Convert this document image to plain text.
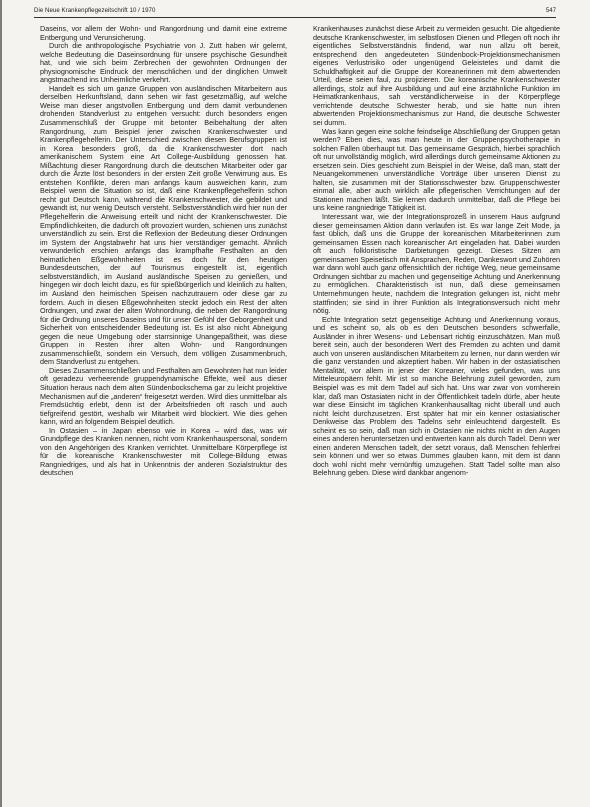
Die Neue Krankenpflegezeitschrift 10 / 1970	547

Daseins, vor allem der Wohn- und Rangordnung und damit eine extreme Entbergung und Verunsicherung.

Durch die anthropologische Psychiatrie von J. Zutt haben wir gelernt, welche Bedeutung die Daseinsordnung für unsere psychische Gesundheit hat, und wie sich beim Zerbrechen der gewohnten Ordnungen der physiognomische Eindruck der menschlichen und der dinglichen Umwelt angstmachend ins Unheimliche verkehrt.

Handelt es sich um ganze Gruppen von ausländischen Mitarbeitern aus derselben Herkunftsland, dann sehen wir fast gesetzmäßig, auf welche Weise man dieser angstvollen Entbergung und dem damit verbundenen drohenden Standverlust zu entgehen versucht: durch besonders engen Zusammenschluß der Gruppe mit betonter Beibehaltung der alten Rangordnung, zum Beispiel jener zwischen Krankenschwester und Krankenpflegehelferin. Der Unterschied zwischen diesen Berufsgruppen ist in Korea besonders groß, da die Krankenschwester dort nach amerikanischem System eine Art College-Ausbildung genossen hat. Mißachtung dieser Rangordnung durch die deutschen Mitarbeiter oder gar durch die Ärzte löst besonders in der ersten Zeit große Verwirrung aus. Es entstehen Konflikte, deren man anfangs kaum ausweichen kann, zum Beispiel wenn die Situation so ist, daß eine Krankenpflegehelferin schon recht gut Deutsch kann, während die Krankenschwester, die gebildet und gewandt ist, nur wenig Deutsch versteht. Selbstverständlich wird hier nun der Pflegehelferin die Anweisung erteilt und nicht der Krankenschwester. Die Empfindlichkeiten, die dadurch oft provoziert wurden, schienen uns zunächst unverständlich zu sein. Erst die Reflexion der Bedeutung dieser Ordnungen im System der Angstabwehr hat uns hier verständiger gemacht. Ähnlich verwunderlich erschien anfangs das krampfhafte Festhalten an den heimatlichen Eßgewohnheiten ist es doch für den heutigen Bundesdeutschen, der auf Tourismus eingestellt ist, eigentlich selbstverständlich, im Ausland ausländische Speisen zu genießen, und hingegen wir doch leicht dazu, es für spießbürgerlich und kleinlich zu halten, im Ausland den heimischen Speisen nachzutrauern oder diese gar zu fordern. Auch in diesen Eßgewohnheiten steckt jedoch ein Rest der alten Ordnungen, und zwar der alten Wohnordnung, die neben der Rangordnung für die Ordnung unseres Daseins und für unser Gefühl der Geborgenheit und Sicherheit von entscheidender Bedeutung ist. Es ist also nicht Abneigung gegen die neue Umgebung oder starrsinnige Unangepaßtheit, was diese Gruppen in Resten ihrer alten Wohn- und Rangordnungen zusammenschließt, sondern ein Versuch, dem völligen Zusammenbruch, dem Standverlust zu entgehen.

Dieses Zusammenschließen und Festhalten am Gewohnten hat nun leider oft geradezu verheerende gruppendynamische Effekte, weil aus dieser Situation heraus nach dem alten Sündenbockschema gar zu leicht projektive Mechanismen auf die „anderen“ freigesetzt werden. Wird dies unmittelbar als Fremdsüchtig erlebt, denn ist der Arbeitsfrieden oft rasch und auch tiefgreifend gestört, weshalb wir Mitarbeit wird blockiert. Wie dies gehen kann, wird an folgendem Beispiel deutlich.

In Ostasien – in Japan ebenso wie in Korea – wird das, was wir Grundpflege des Kranken nennen, nicht vom Krankenhauspersonal, sondern von den Angehörigen des Kranken verrichtet. Unmittelbare Körperpflege ist für die koreanische Krankenschwester mit College-Bildung etwas Rangniedriges, und als hat in Unkenntnis der anderen Sozialstruktur des deutschen

Krankenhauses zunächst diese Arbeit zu vermeiden gesucht. Die altgediente deutsche Krankenschwester, im selbstlosen Dienen und Pflegen oft noch ihr eigentliches Selbstverständnis findend, war nun allzu oft bereit, entsprechend den angedeuteten Sündenbock-Projektionsmechanismen eigenes Verlustrisiko oder ungenügend Geleistetes und damit die Schuldhaftigkeit auf die Gruppe der Koreanerinnen mit dem abwertenden Urteil, diese seien faul, zu projizieren. Die koreanische Krankenschwester allerdings, stolz auf ihre Ausbildung und auf eine ärztähnliche Funktion im Heimatkrankenhaus, sah verständlicherweise in der Körperpflege verrichtende deutsche Schwester herab, und sie hatte nun ihren abwertenden Projektionsmechanismus zur Hand, die deutsche Schwester sei dumm.

Was kann gegen eine solche feindselige Abschließung der Gruppen getan werden? Eben dies, was man heute in der Gruppenpsychotherapie in solchen Fällen überhaupt tut. Das gemeinsame Gespräch, hierbei sprachlich oft nur unvollständig möglich, wird allerdings durch gemeinsame Aktionen zu ersetzen sein. Dies geschieht zum Beispiel in der Weise, daß man, statt der Neuangekommenen unverständliche Vorträge über unseren Dienst zu halten, sie zusammen mit der Stationsschwester bzw. Gruppenschwester einmal alle, aber auch wirklich alle pflegerischen Verrichtungen auf der Stationen machen läßt. Sie lernen dadurch unmittelbar, daß die Pflege bei uns keine rangniedrige Tätigkeit ist.

Interessant war, wie der Integrationsprozeß in unserem Haus aufgrund dieser gemeinsamen Aktion dann verlaufen ist. Es war lange Zeit Mode, ja fast üblich, daß uns die Gruppe der koreanischen Mitarbeiterinnen zum gemeinsamen Essen nach koreanischer Art eingeladen hat. Dabei wurden oft auch folkloristische Darbietungen gezeigt. Dieses Sitzen am gemeinsamen Speisetisch mit Ansprachen, Reden, Dankeswort und Zuhören war dann wohl auch ganz offensichtlich der richtige Weg, neue gemeinsame Ordnungen sichtbar zu machen und gegenseitige Achtung und Anerkennung zu ermöglichen. Charakteristisch ist nun, daß diese gemeinsamen Unternehmungen heute, nachdem die Integration gelungen ist, nicht mehr stattfinden; sie sind in ihrer Funktion als Integrationsversuch nicht mehr nötig.

Echte Integration setzt gegenseitige Achtung und Anerkennung voraus, und es scheint so, als ob es den Deutschen besonders schwerfalle, Ausländer in ihrer Wesens- und Lebensart richtig einzuschätzen. Man muß bereit sein, auch der besonderen Wert des Fremden zu achten und damit auch von unseren ausländischen Mitarbeitern zu lernen, nur dann werden wir die ganz verstanden und akzeptiert haben. Wir haben in der ostasiatischen Mentalität, vor allem in jener der Koreaner, vieles gefunden, was uns Mitteleuropäern fehlt. Mir ist so manche Belehrung zuteil geworden, zum Beispiel was es mit dem Tadel auf sich hat. Uns war zwar von vornherein klar, daß man Ostasiaten nicht in der Öffentlichkeit tadeln dürfe, aber heute war diese Einsicht im täglichen Krankenhausalltag nicht überall und auch nicht leicht durchzusetzen. Erst später hat mir ein kenner ostasiatischer Denkweise das Problem des Tadelns sehr einleuchtend dargestellt. Es scheint es so sein, daß man sich in Ostasien nie nichts nicht in den Augen eines anderen heruntersetzen und entwerten kann als durch Tadel. Denn wer einen anderen Menschen tadelt, der setzt voraus, daß Menschen fehlerfrei sein können und wer so etwas Dummes glauben kann, mit dem ist dann doch wohl nicht mehr vernünftig umzugehen. Statt Tadel sollte man also Belehrung geben. Diese wird dankbar angenom-
